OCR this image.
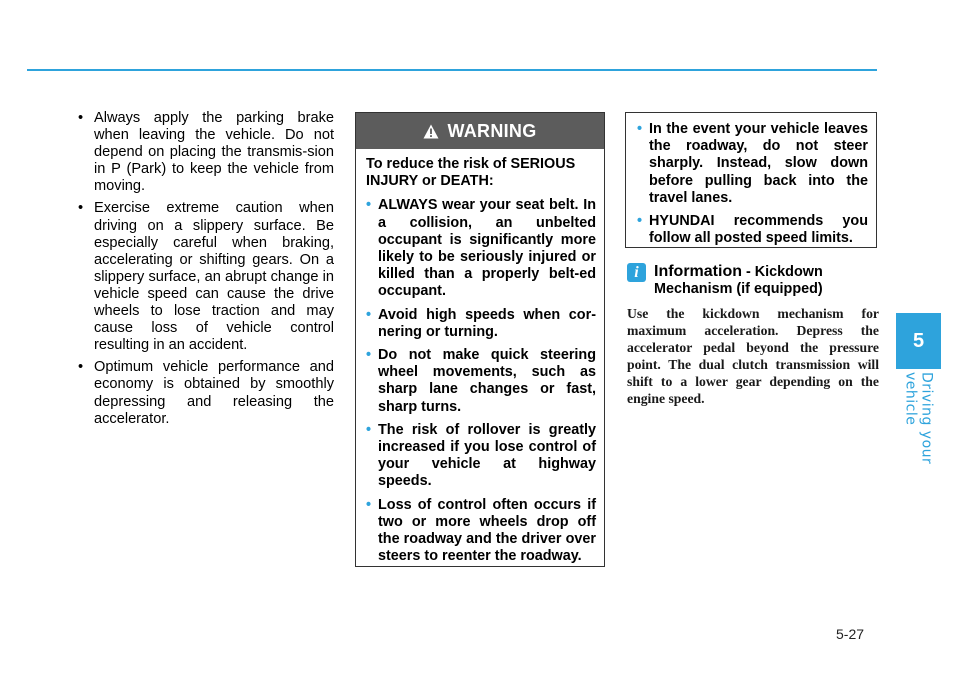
• Always apply the parking brake when leaving the vehicle. Do not depend on placing the transmis-sion in P (Park) to keep the vehicle from moving.
• Exercise extreme caution when driving on a slippery surface. Be especially careful when braking, accelerating or shifting gears. On a slippery surface, an abrupt change in vehicle speed can cause the drive wheels to lose traction and may cause loss of vehicle control resulting in an accident.
• Optimum vehicle performance and economy is obtained by smoothly depressing and releasing the accelerator.
WARNING

To reduce the risk of SERIOUS INJURY or DEATH:

• ALWAYS wear your seat belt. In a collision, an unbelted occupant is significantly more likely to be seriously injured or killed than a properly belt-ed occupant.
• Avoid high speeds when cor-nering or turning.
• Do not make quick steering wheel movements, such as sharp lane changes or fast, sharp turns.
• The risk of rollover is greatly increased if you lose control of your vehicle at highway speeds.
• Loss of control often occurs if two or more wheels drop off the roadway and the driver over steers to reenter the roadway.
• In the event your vehicle leaves the roadway, do not steer sharply. Instead, slow down before pulling back into the travel lanes.
• HYUNDAI recommends you follow all posted speed limits.
i Information - Kickdown
Mechanism (if equipped)
Use the kickdown mechanism for maximum acceleration. Depress the accelerator pedal beyond the pressure point. The dual clutch transmission will shift to a lower gear depending on the engine speed.
5
Driving your vehicle
5-27
